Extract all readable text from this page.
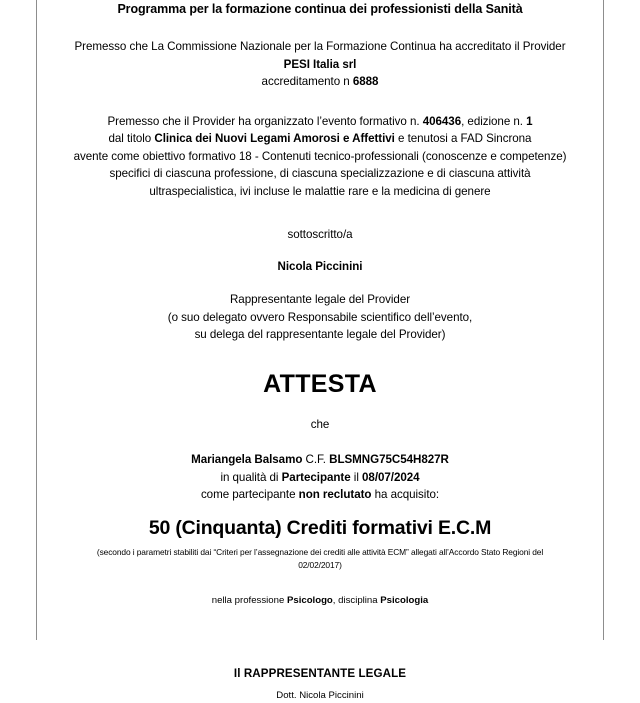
Programma per la formazione continua dei professionisti della Sanità
Premesso che La Commissione Nazionale per la Formazione Continua ha accreditato il Provider
PESI Italia srl
accreditamento n 6888
Premesso che il Provider ha organizzato l’evento formativo n. 406436, edizione n. 1
dal titolo Clinica dei Nuovi Legami Amorosi e Affettivi e tenutosi a FAD Sincrona
avente come obiettivo formativo 18 - Contenuti tecnico-professionali (conoscenze e competenze)
specifici di ciascuna professione, di ciascuna specializzazione e di ciascuna attività
ultraspecialistica, ivi incluse le malattie rare e la medicina di genere
sottoscritto/a
Nicola Piccinini
Rappresentante legale del Provider
(o suo delegato ovvero Responsabile scientifico dell’evento,
su delega del rappresentante legale del Provider)
ATTESTA
che
Mariangela Balsamo C.F. BLSMNG75C54H827R
in qualità di Partecipante il 08/07/2024
come partecipante non reclutato ha acquisito:
50 (Cinquanta) Crediti formativi E.C.M
(secondo i parametri stabiliti dai “Criteri per l’assegnazione dei crediti alle attività ECM” allegati all’Accordo Stato Regioni del
02/02/2017)
nella professione Psicologo, disciplina Psicologia
Il RAPPRESENTANTE LEGALE
Dott. Nicola Piccinini
